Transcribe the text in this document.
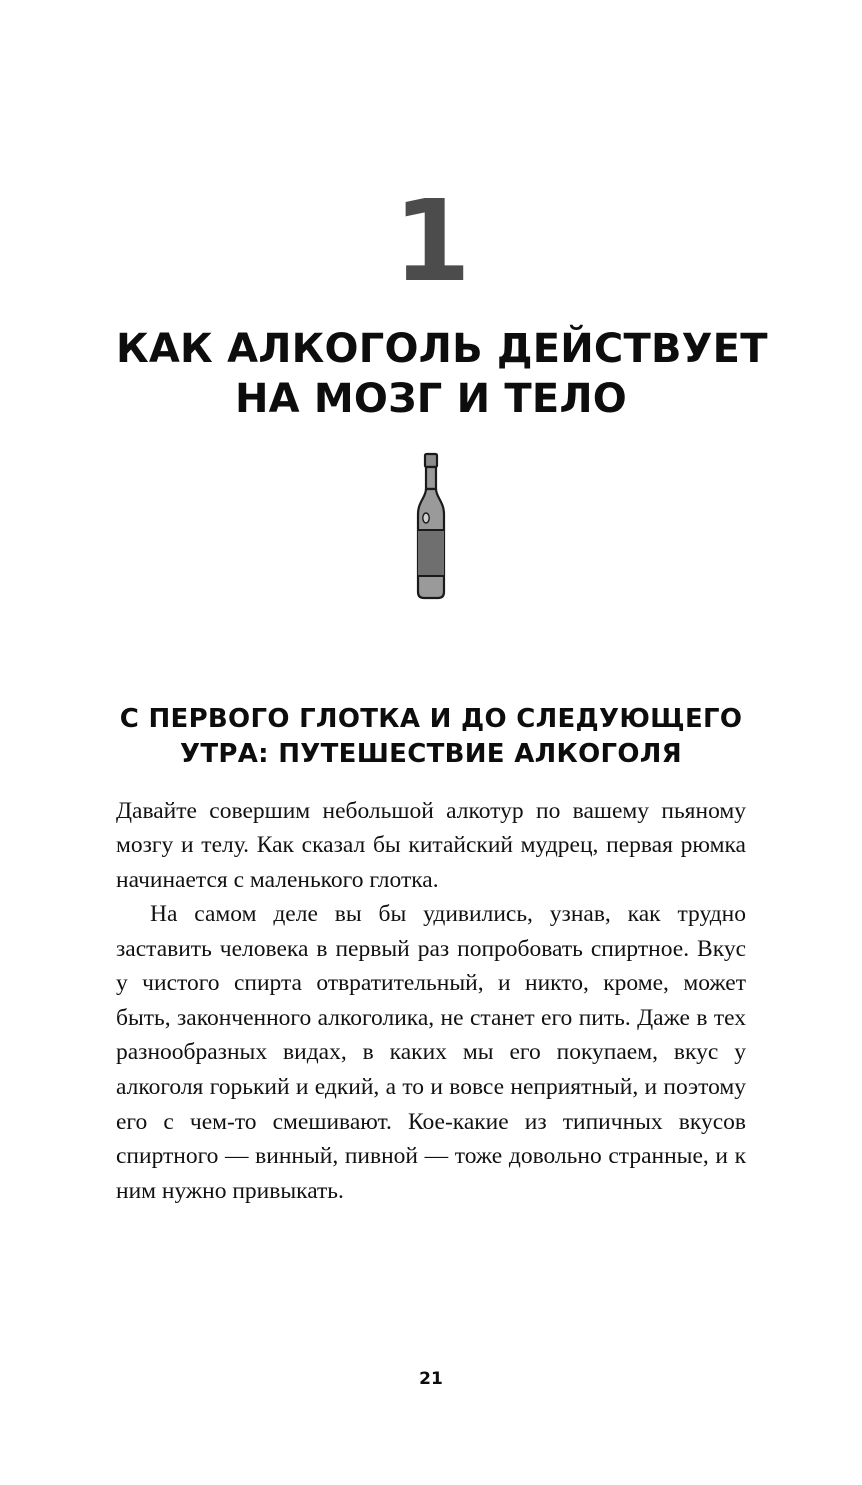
1
КАК АЛКОГОЛЬ ДЕЙСТВУЕТ
НА МОЗГ И ТЕЛО
С ПЕРВОГО ГЛОТКА И ДО СЛЕДУЮЩЕГО
УТРА: ПУТЕШЕСТВИЕ АЛКОГОЛЯ

Давайте совершим небольшой алкотур по вашему пьяному мозгу и телу. Как сказал бы китайский мудрец, первая рюмка начинается с маленького глотка.

На самом деле вы бы удивились, узнав, как трудно заставить человека в первый раз попробовать спиртное. Вкус у чистого спирта отвратительный, и никто, кроме, может быть, законченного алкоголика, не станет его пить. Даже в тех разнообразных видах, в каких мы его покупаем, вкус у алкоголя горький и едкий, а то и вовсе неприятный, и поэтому его с чем-то смешивают. Кое-какие из типичных вкусов спиртного — винный, пивной — тоже довольно странные, и к ним нужно привыкать.

21
